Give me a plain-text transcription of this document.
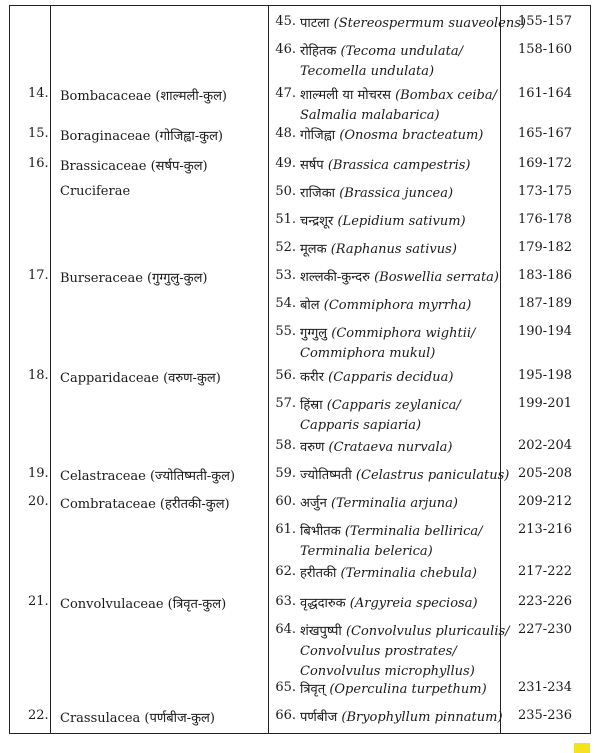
45. पाटला (Stereospermum suaveolens)
155-157
46. रोहितक (Tecoma undulata/
Tecomella undulata)
158-160
14. Bombacaceae (शाल्मली-कुल)	47. शाल्मली या मोचरस (Bombax ceiba/
Salmalia malabarica)
161-164
15. Boraginaceae (गोजिह्वा-कुल)	48. गोजिह्वा (Onosma bracteatum)	165-167
16. Brassicaceae (सर्षप-कुल)	49. सर्षप (Brassica campestris)	169-172
Cruciferae	50. राजिका (Brassica juncea)	173-175
51. चन्द्रशूर (Lepidium sativum)	176-178
52. मूलक (Raphanus sativus)	179-182
17. Burseraceae (गुग्गुलु-कुल)	53. शल्लकी-कुन्दरु (Boswellia serrata)	183-186
54. बोल (Commiphora myrrha)	187-189
55. गुग्गुलु (Commiphora wightii/
Commiphora mukul)
190-194
18. Capparidaceae (वरुण-कुल)	56. करीर (Capparis decidua)	195-198
57. हिंस्रा (Capparis zeylanica/
Capparis sapiaria)
199-201
58. वरुण (Crataeva nurvala)	202-204
19. Celastraceae (ज्योतिष्मती-कुल)	59. ज्योतिष्मती (Celastrus paniculatus) 205-208
20. Combrataceae (हरीतकी-कुल)	60. अर्जुन (Terminalia arjuna)	209-212
61. बिभीतक (Terminalia bellirica/
Terminalia belerica)
213-216
62. हरीतकी (Terminalia chebula)	217-222
21. Convolvulaceae (त्रिवृत-कुल)	63. वृद्धदारुक (Argyreia speciosa)	223-226
64. शंखपुष्पी (Convolvulus pluricaulis/
Convolvulus prostrates/
Convolvulus microphyllus)
227-230
65. त्रिवृत् (Operculina turpethum)	231-234
22. Crassulacea (पर्णबीज-कुल)	66. पर्णबीज (Bryophyllum pinnatum)	235-236
